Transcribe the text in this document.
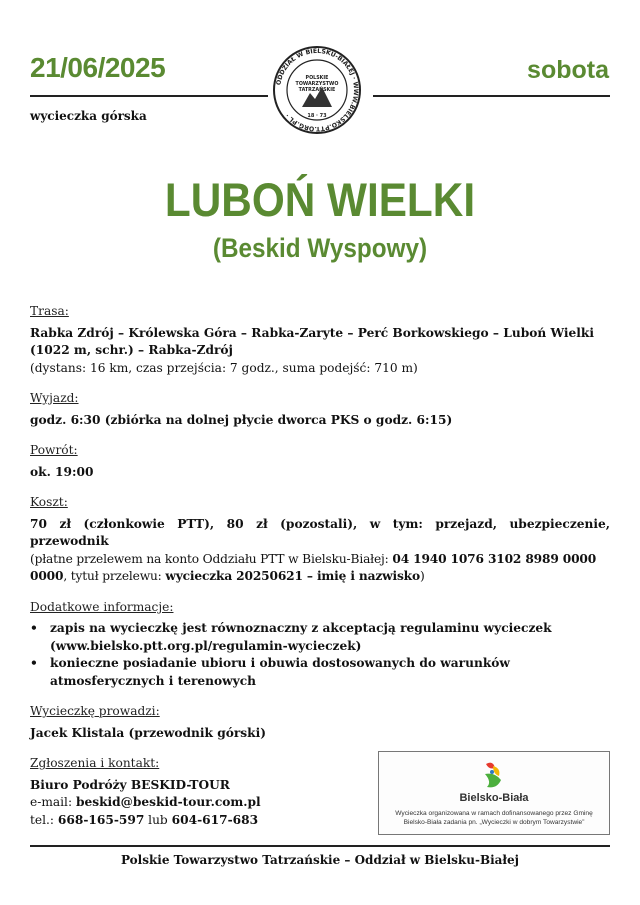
21/06/2025	sobota
wycieczka górska
ODDZIAŁ W BIELSKU-BIAŁEJ · WWW.BIELSKO.PTT.ORG.PL ·
POLSKIE
TOWARZYSTWO
TATRZAŃSKIE
18 · 73
LUBOŃ WIELKI
(Beskid Wyspowy)
Trasa:
Rabka Zdrój – Królewska Góra – Rabka-Zaryte – Perć Borkowskiego – Luboń Wielki (1022 m, schr.) – Rabka-Zdrój
(dystans: 16 km, czas przejścia: 7 godz., suma podejść: 710 m)
Wyjazd:
godz. 6:30 (zbiórka na dolnej płycie dworca PKS o godz. 6:15)
Powrót:
ok. 19:00
Koszt:
70 zł (członkowie PTT), 80 zł (pozostali), w tym: przejazd, ubezpieczenie, przewodnik
(płatne przelewem na konto Oddziału PTT w Bielsku-Białej: 04 1940 1076 3102 8989 0000 0000, tytuł przelewu: wycieczka 20250621 – imię i nazwisko)
Dodatkowe informacje:
• zapis na wycieczkę jest równoznaczny z akceptacją regulaminu wycieczek (www.bielsko.ptt.org.pl/regulamin-wycieczek)
• konieczne posiadanie ubioru i obuwia dostosowanych do warunków atmosferycznych i terenowych
Wycieczkę prowadzi:
Jacek Klistala (przewodnik górski)
Zgłoszenia i kontakt:
Biuro Podróży BESKID-TOUR
e-mail: beskid@beskid-tour.com.pl
tel.: 668-165-597 lub 604-617-683
Bielsko-Biała
Wycieczka organizowana w ramach dofinansowanego przez Gminę Bielsko-Biała zadania pn. „Wycieczki w dobrym Towarzystwie”
Polskie Towarzystwo Tatrzańskie – Oddział w Bielsku-Białej
